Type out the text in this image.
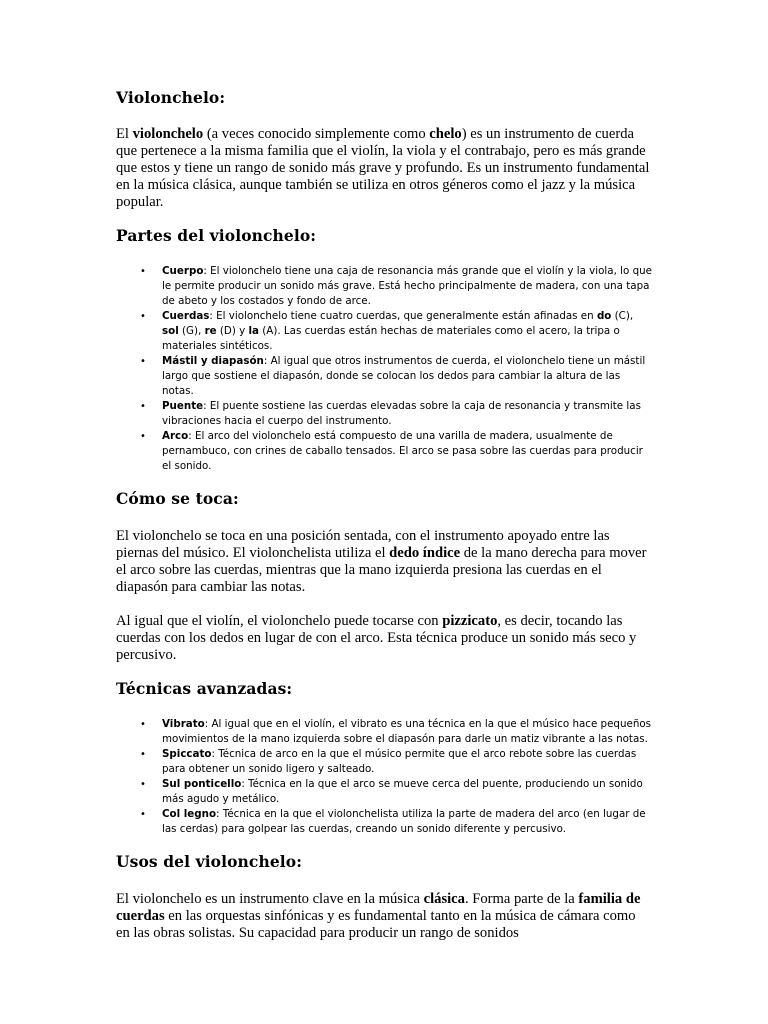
Violonchelo:

El violonchelo (a veces conocido simplemente como chelo) es un instrumento de cuerda que pertenece a la misma familia que el violín, la viola y el contrabajo, pero es más grande que estos y tiene un rango de sonido más grave y profundo. Es un instrumento fundamental en la música clásica, aunque también se utiliza en otros géneros como el jazz y la música popular.

Partes del violonchelo:
• Cuerpo: El violonchelo tiene una caja de resonancia más grande que el violín y la viola, lo que le permite producir un sonido más grave. Está hecho principalmente de madera, con una tapa de abeto y los costados y fondo de arce.
• Cuerdas: El violonchelo tiene cuatro cuerdas, que generalmente están afinadas en do (C), sol (G), re (D) y la (A). Las cuerdas están hechas de materiales como el acero, la tripa o materiales sintéticos.
• Mástil y diapasón: Al igual que otros instrumentos de cuerda, el violonchelo tiene un mástil largo que sostiene el diapasón, donde se colocan los dedos para cambiar la altura de las notas.
• Puente: El puente sostiene las cuerdas elevadas sobre la caja de resonancia y transmite las vibraciones hacia el cuerpo del instrumento.
• Arco: El arco del violonchelo está compuesto de una varilla de madera, usualmente de pernambuco, con crines de caballo tensados. El arco se pasa sobre las cuerdas para producir el sonido.
Cómo se toca:

El violonchelo se toca en una posición sentada, con el instrumento apoyado entre las piernas del músico. El violonchelista utiliza el dedo índice de la mano derecha para mover el arco sobre las cuerdas, mientras que la mano izquierda presiona las cuerdas en el diapasón para cambiar las notas.

Al igual que el violín, el violonchelo puede tocarse con pizzicato, es decir, tocando las cuerdas con los dedos en lugar de con el arco. Esta técnica produce un sonido más seco y percusivo.

Técnicas avanzadas:
• Vibrato: Al igual que en el violín, el vibrato es una técnica en la que el músico hace pequeños movimientos de la mano izquierda sobre el diapasón para darle un matiz vibrante a las notas.
• Spiccato: Técnica de arco en la que el músico permite que el arco rebote sobre las cuerdas para obtener un sonido ligero y salteado.
• Sul ponticello: Técnica en la que el arco se mueve cerca del puente, produciendo un sonido más agudo y metálico.
• Col legno: Técnica en la que el violonchelista utiliza la parte de madera del arco (en lugar de las cerdas) para golpear las cuerdas, creando un sonido diferente y percusivo.
Usos del violonchelo:

El violonchelo es un instrumento clave en la música clásica. Forma parte de la familia de cuerdas en las orquestas sinfónicas y es fundamental tanto en la música de cámara como en las obras solistas. Su capacidad para producir un rango de sonidos
